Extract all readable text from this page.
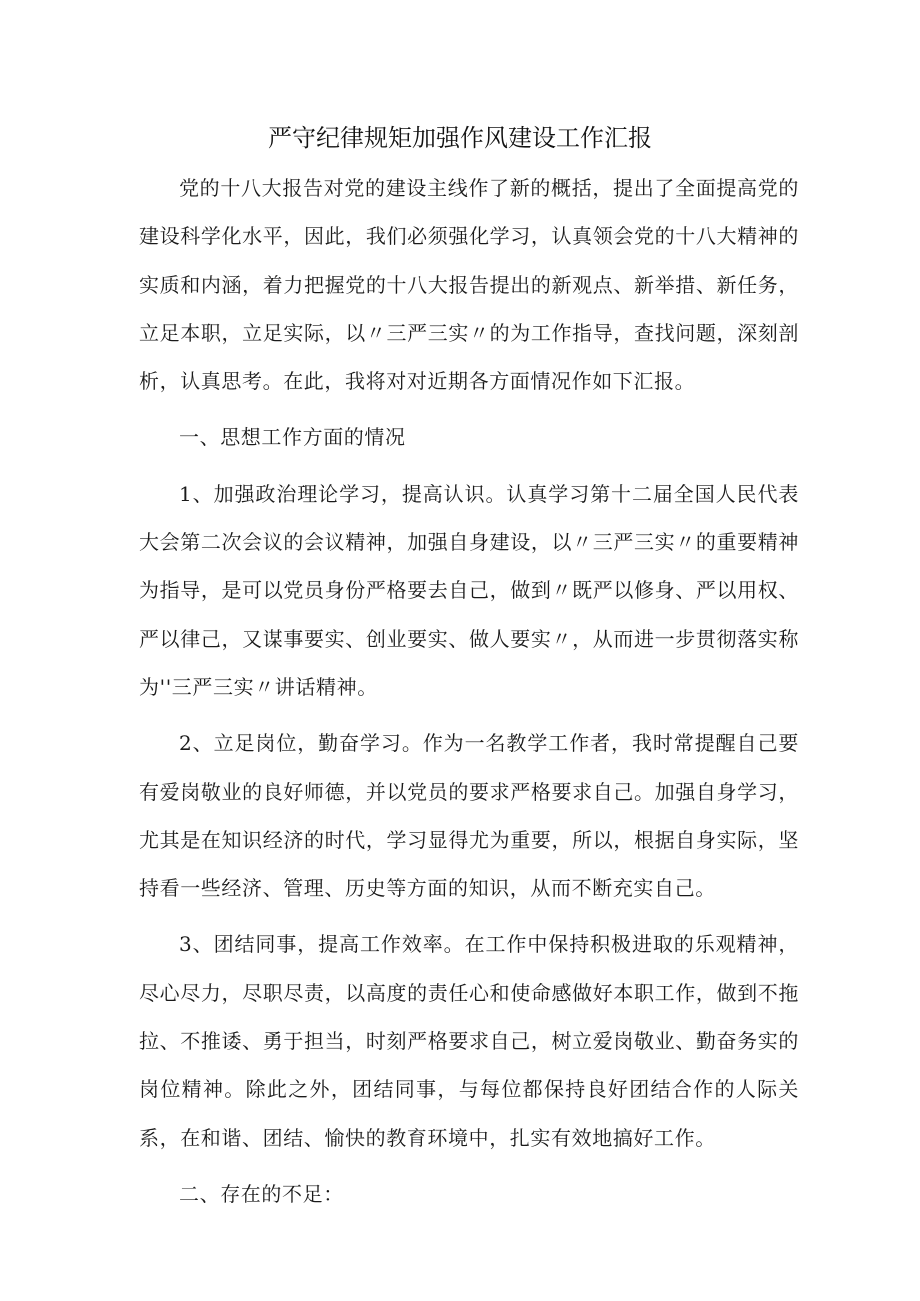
严守纪律规矩加强作风建设工作汇报

党的十八大报告对党的建设主线作了新的概括，提出了全面提高党的建设科学化水平，因此，我们必须强化学习，认真领会党的十八大精神的实质和内涵，着力把握党的十八大报告提出的新观点、新举措、新任务，立足本职，立足实际，以〃三严三实〃的为工作指导，查找问题，深刻剖析，认真思考。在此，我将对对近期各方面情况作如下汇报。

一、思想工作方面的情况

1、加强政治理论学习，提高认识。认真学习第十二届全国人民代表大会第二次会议的会议精神，加强自身建设，以〃三严三实〃的重要精神为指导，是可以党员身份严格要去自己，做到〃既严以修身、严以用权、严以律己，又谋事要实、创业要实、做人要实〃，从而进一步贯彻落实称为''三严三实〃讲话精神。

2、立足岗位，勤奋学习。作为一名教学工作者，我时常提醒自己要有爱岗敬业的良好师德，并以党员的要求严格要求自己。加强自身学习，尤其是在知识经济的时代，学习显得尤为重要，所以，根据自身实际，坚持看一些经济、管理、历史等方面的知识，从而不断充实自己。

3、团结同事，提高工作效率。在工作中保持积极进取的乐观精神，尽心尽力，尽职尽责，以高度的责任心和使命感做好本职工作，做到不拖拉、不推诿、勇于担当，时刻严格要求自己，树立爱岗敬业、勤奋务实的岗位精神。除此之外，团结同事，与每位都保持良好团结合作的人际关系，在和谐、团结、愉快的教育环境中，扎实有效地搞好工作。

二、存在的不足：
